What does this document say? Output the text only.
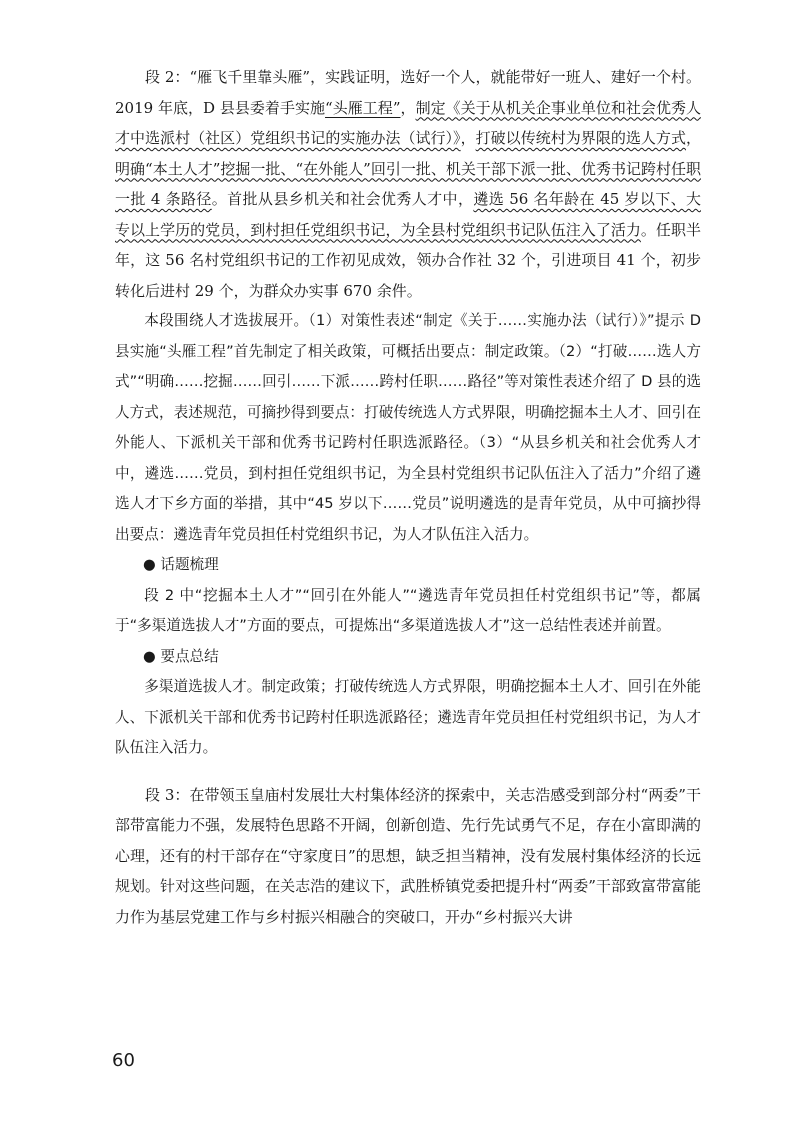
段 2：“雁飞千里靠头雁”，实践证明，选好一个人，就能带好一班人、建好一个村。2019 年底，D 县县委着手实施“头雁工程”，制定《关于从机关企事业单位和社会优秀人才中选派村（社区）党组织书记的实施办法（试行）》，打破以传统村为界限的选人方式，明确“本土人才”挖掘一批、“在外能人”回引一批、机关干部下派一批、优秀书记跨村任职一批 4 条路径。首批从县乡机关和社会优秀人才中，遴选 56 名年龄在 45 岁以下、大专以上学历的党员，到村担任党组织书记，为全县村党组织书记队伍注入了活力。任职半年，这 56 名村党组织书记的工作初见成效，领办合作社 32 个，引进项目 41 个，初步转化后进村 29 个，为群众办实事 670 余件。

本段围绕人才选拔展开。（1）对策性表述“制定《关于……实施办法（试行）》”提示 D 县实施“头雁工程”首先制定了相关政策，可概括出要点：制定政策。（2）“打破……选人方式”“明确……挖掘……回引……下派……跨村任职……路径”等对策性表述介绍了 D 县的选人方式，表述规范，可摘抄得到要点：打破传统选人方式界限，明确挖掘本土人才、回引在外能人、下派机关干部和优秀书记跨村任职选派路径。（3）“从县乡机关和社会优秀人才中，遴选……党员，到村担任党组织书记，为全县村党组织书记队伍注入了活力”介绍了遴选人才下乡方面的举措，其中“45 岁以下……党员”说明遴选的是青年党员，从中可摘抄得出要点：遴选青年党员担任村党组织书记，为人才队伍注入活力。

● 话题梳理

段 2 中“挖掘本土人才”“回引在外能人”“遴选青年党员担任村党组织书记”等，都属于“多渠道选拔人才”方面的要点，可提炼出“多渠道选拔人才”这一总结性表述并前置。

● 要点总结

多渠道选拔人才。制定政策；打破传统选人方式界限，明确挖掘本土人才、回引在外能人、下派机关干部和优秀书记跨村任职选派路径；遴选青年党员担任村党组织书记，为人才队伍注入活力。

段 3：在带领玉皇庙村发展壮大村集体经济的探索中，关志浩感受到部分村“两委”干部带富能力不强，发展特色思路不开阔，创新创造、先行先试勇气不足，存在小富即满的心理，还有的村干部存在“守家度日”的思想，缺乏担当精神，没有发展村集体经济的长远规划。针对这些问题，在关志浩的建议下，武胜桥镇党委把提升村“两委”干部致富带富能力作为基层党建工作与乡村振兴相融合的突破口，开办“乡村振兴大讲

60
